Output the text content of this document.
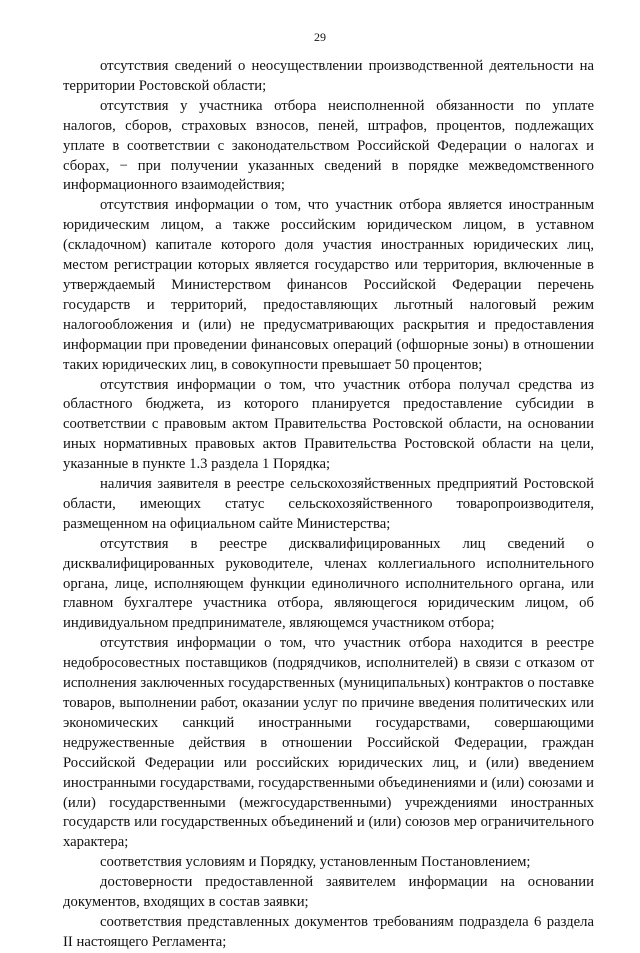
29

отсутствия сведений о неосуществлении производственной деятельности на территории Ростовской области;

отсутствия у участника отбора неисполненной обязанности по уплате налогов, сборов, страховых взносов, пеней, штрафов, процентов, подлежащих уплате в соответствии с законодательством Российской Федерации о налогах и сборах, − при получении указанных сведений в порядке межведомственного информационного взаимодействия;

отсутствия информации о том, что участник отбора является иностранным юридическим лицом, а также российским юридическом лицом, в уставном (складочном) капитале которого доля участия иностранных юридических лиц, местом регистрации которых является государство или территория, включенные в утверждаемый Министерством финансов Российской Федерации перечень государств и территорий, предоставляющих льготный налоговый режим налогообложения и (или) не предусматривающих раскрытия и предоставления информации при проведении финансовых операций (офшорные зоны) в отношении таких юридических лиц, в совокупности превышает 50 процентов;

отсутствия информации о том, что участник отбора получал средства из областного бюджета, из которого планируется предоставление субсидии в соответствии с правовым актом Правительства Ростовской области, на основании иных нормативных правовых актов Правительства Ростовской области на цели, указанные в пункте 1.3 раздела 1 Порядка;

наличия заявителя в реестре сельскохозяйственных предприятий Ростовской области, имеющих статус сельскохозяйственного товаропроизводителя, размещенном на официальном сайте Министерства;

отсутствия в реестре дисквалифицированных лиц сведений о дисквалифицированных руководителе, членах коллегиального исполнительного органа, лице, исполняющем функции единоличного исполнительного органа, или главном бухгалтере участника отбора, являющегося юридическим лицом, об индивидуальном предпринимателе, являющемся участником отбора;

отсутствия информации о том, что участник отбора находится в реестре недобросовестных поставщиков (подрядчиков, исполнителей) в связи с отказом от исполнения заключенных государственных (муниципальных) контрактов о поставке товаров, выполнении работ, оказании услуг по причине введения политических или экономических санкций иностранными государствами, совершающими недружественные действия в отношении Российской Федерации, граждан Российской Федерации или российских юридических лиц, и (или) введением иностранными государствами, государственными объединениями и (или) союзами и (или) государственными (межгосударственными) учреждениями иностранных государств или государственных объединений и (или) союзов мер ограничительного характера;

соответствия условиям и Порядку, установленным Постановлением;

достоверности предоставленной заявителем информации на основании документов, входящих в состав заявки;

соответствия представленных документов требованиям подраздела 6 раздела II настоящего Регламента;
